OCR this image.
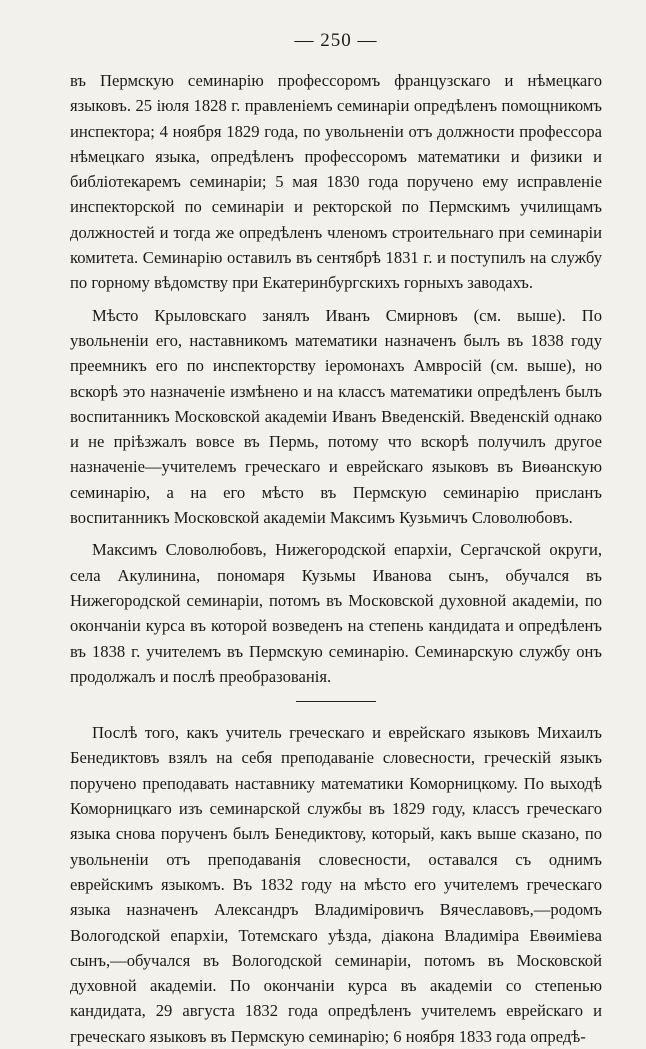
— 250 —

въ Пермскую семинарію профессоромъ французскаго и нѣмецкаго языковъ. 25 іюля 1828 г. правленіемъ семинаріи опредѣленъ помощникомъ инспектора; 4 ноября 1829 года, по увольненіи отъ должности профессора нѣмецкаго языка, опредѣленъ профессоромъ математики и физики и библіотекаремъ семинаріи; 5 мая 1830 года поручено ему исправленіе инспекторской по семинаріи и ректорской по Пермскимъ училищамъ должностей и тогда же опредѣленъ членомъ строительнаго при семинаріи комитета. Семинарію оставилъ въ сентябрѣ 1831 г. и поступилъ на службу по горному вѣдомству при Екатеринбургскихъ горныхъ заводахъ.

Мѣсто Крыловскаго занялъ Иванъ Смирновъ (см. выше). По увольненіи его, наставникомъ математики назначенъ былъ въ 1838 году преемникъ его по инспекторству іеромонахъ Амвросій (см. выше), но вскорѣ это назначеніе измѣнено и на классъ математики опредѣленъ былъ воспитанникъ Московской академіи Иванъ Введенскій. Введенскій однако и не пріѣзжалъ вовсе въ Пермь, потому что вскорѣ получилъ другое назначеніе—учителемъ греческаго и еврейскаго языковъ въ Виѳанскую семинарію, а на его мѣсто въ Пермскую семинарію присланъ воспитанникъ Московской академіи Максимъ Кузьмичъ Словолюбовъ.

Максимъ Словолюбовъ, Нижегородской епархіи, Сергачской округи, села Акулинина, пономаря Кузьмы Иванова сынъ, обучался въ Нижегородской семинаріи, потомъ въ Московской духовной академіи, по окончаніи курса въ которой возведенъ на степень кандидата и опредѣленъ въ 1838 г. учителемъ въ Пермскую семинарію. Семинарскую службу онъ продолжалъ и послѣ преобразованія.

Послѣ того, какъ учитель греческаго и еврейскаго языковъ Михаилъ Бенедиктовъ взялъ на себя преподаваніе словесности, греческій языкъ поручено преподавать наставнику математики Коморницкому. По выходѣ Коморницкаго изъ семинарской службы въ 1829 году, классъ греческаго языка снова порученъ былъ Бенедиктову, который, какъ выше сказано, по увольненіи отъ преподаванія словесности, оставался съ однимъ еврейскимъ языкомъ. Въ 1832 году на мѣсто его учителемъ греческаго языка назначенъ Александръ Владиміровичъ Вячеславовъ,—родомъ Вологодской епархіи, Тотемскаго уѣзда, діакона Владиміра Евѳиміева сынъ,—обучался въ Вологодской семинаріи, потомъ въ Московской духовной академіи. По окончаніи курса въ академіи со степенью кандидата, 29 августа 1832 года опредѣленъ учителемъ еврейскаго и греческаго языковъ въ Пермскую семинарію; 6 ноября 1833 года опредѣ-
